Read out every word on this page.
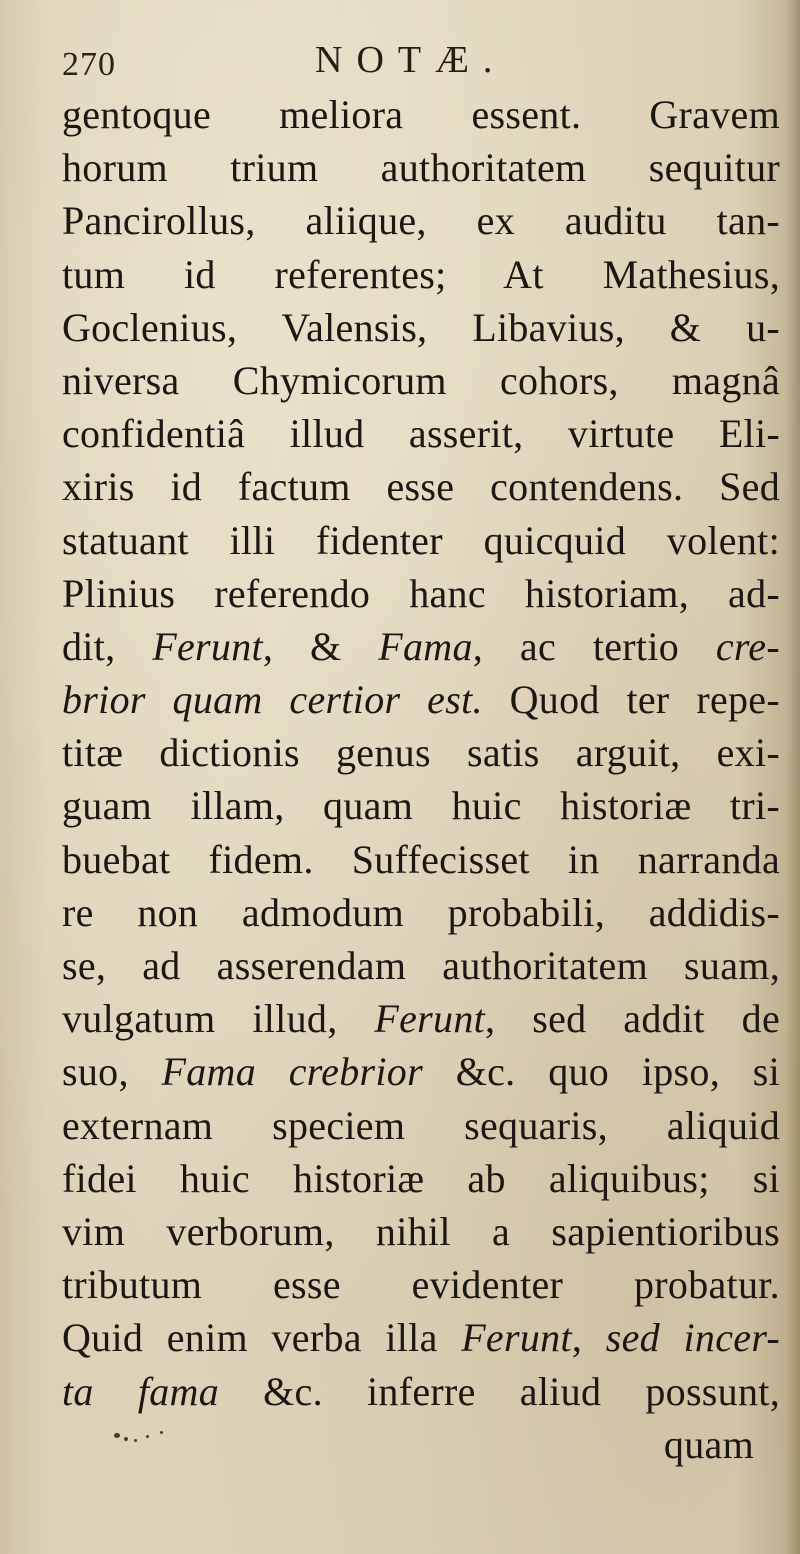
270	NOTÆ.
gentoque meliora essent. Gravem
horum trium authoritatem sequitur
Pancirollus, aliique, ex auditu tan-
tum id referentes; At Mathesius,
Goclenius, Valensis, Libavius, & u-
niversa Chymicorum cohors, magnâ
confidentiâ illud asserit, virtute Eli-
xiris id factum esse contendens. Sed
statuant illi fidenter quicquid volent:
Plinius referendo hanc historiam, ad-
dit, Ferunt, & Fama, ac tertio cre-
brior quam certior est. Quod ter repe-
titæ dictionis genus satis arguit, exi-
guam illam, quam huic historiæ tri-
buebat fidem. Suffecisset in narranda
re non admodum probabili, addidis-
se, ad asserendam authoritatem suam,
vulgatum illud, Ferunt, sed addit de
suo, Fama crebrior &c. quo ipso, si
externam speciem sequaris, aliquid
fidei huic historiæ ab aliquibus; si
vim verborum, nihil a sapientioribus
tributum esse evidenter probatur.
Quid enim verba illa Ferunt, sed incer-
ta fama &c. inferre aliud possunt,
quam
